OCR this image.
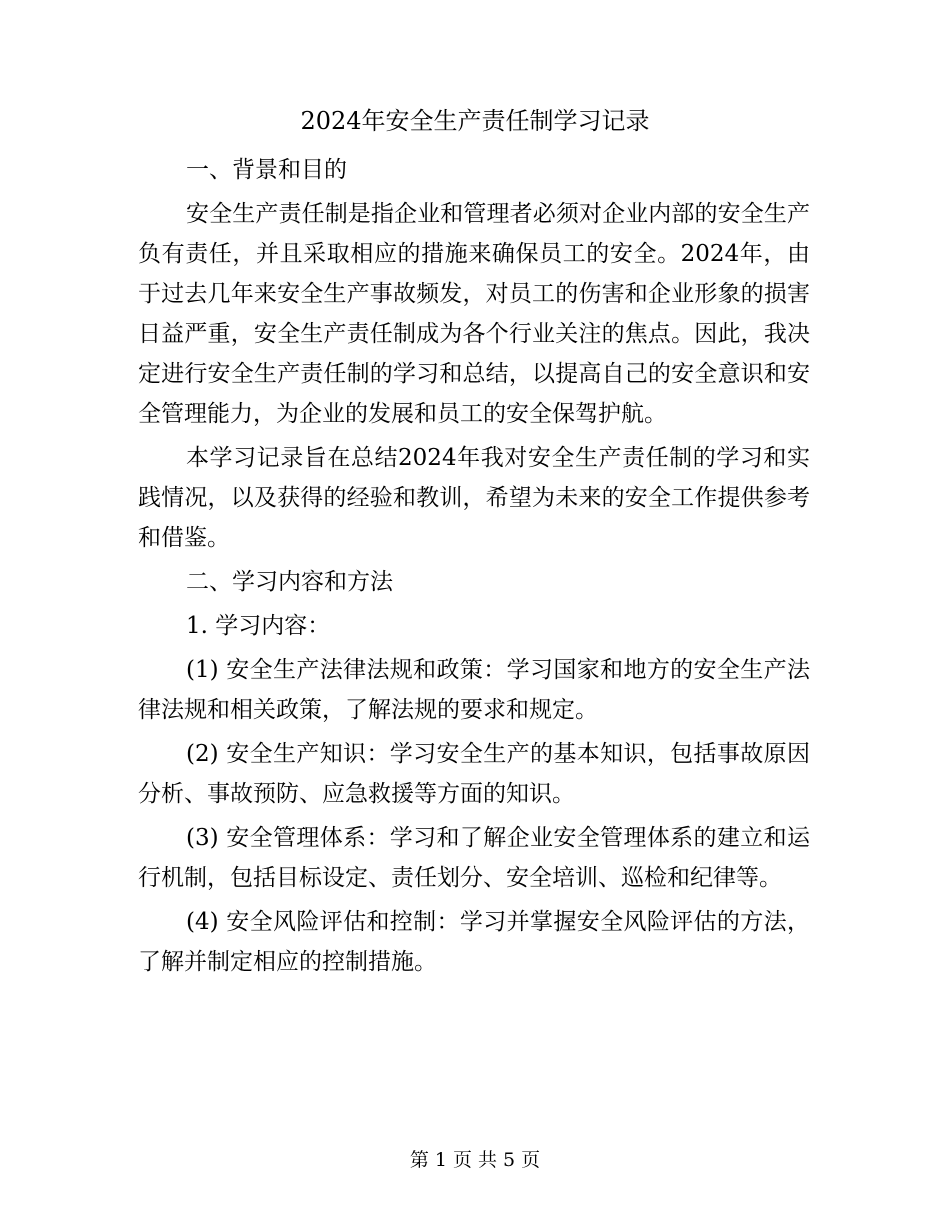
2024年安全生产责任制学习记录

一、背景和目的

安全生产责任制是指企业和管理者必须对企业内部的安全生产负有责任，并且采取相应的措施来确保员工的安全。2024年，由于过去几年来安全生产事故频发，对员工的伤害和企业形象的损害日益严重，安全生产责任制成为各个行业关注的焦点。因此，我决定进行安全生产责任制的学习和总结，以提高自己的安全意识和安全管理能力，为企业的发展和员工的安全保驾护航。

本学习记录旨在总结2024年我对安全生产责任制的学习和实践情况，以及获得的经验和教训，希望为未来的安全工作提供参考和借鉴。

二、学习内容和方法

1. 学习内容：

(1) 安全生产法律法规和政策：学习国家和地方的安全生产法律法规和相关政策，了解法规的要求和规定。

(2) 安全生产知识：学习安全生产的基本知识，包括事故原因分析、事故预防、应急救援等方面的知识。

(3) 安全管理体系：学习和了解企业安全管理体系的建立和运行机制，包括目标设定、责任划分、安全培训、巡检和纪律等。

(4) 安全风险评估和控制：学习并掌握安全风险评估的方法，了解并制定相应的控制措施。

第 1 页 共 5 页
